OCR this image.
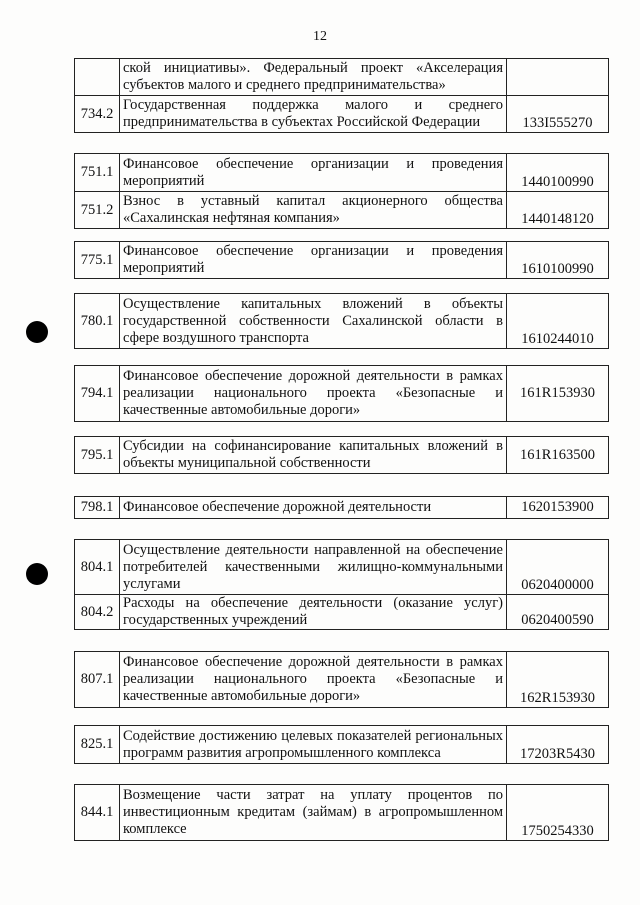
12
	ской инициативы». Федеральный проект «Акселерация субъектов малого и среднего предпринимательства»	
734.2	Государственная поддержка малого и среднего предпринимательства в субъектах Российской Федерации	133I555270
751.1	Финансовое обеспечение организации и проведения мероприятий	1440100990
751.2	Взнос в уставный капитал акционерного общества «Сахалинская нефтяная компания»	1440148120
775.1	Финансовое обеспечение организации и проведения мероприятий	1610100990
780.1	Осуществление капитальных вложений в объекты государственной собственности Сахалинской области в сфере воздушного транспорта	1610244010
794.1	Финансовое обеспечение дорожной деятельности в рамках реализации национального проекта «Безопасные и качественные автомобильные дороги»	161R153930
795.1	Субсидии на софинансирование капитальных вложений в объекты муниципальной собственности	161R163500
798.1	Финансовое обеспечение дорожной деятельности	1620153900
804.1	Осуществление деятельности направленной на обеспечение потребителей качественными жилищно-коммунальными услугами	0620400000
804.2	Расходы на обеспечение деятельности (оказание услуг) государственных учреждений	0620400590
807.1	Финансовое обеспечение дорожной деятельности в рамках реализации национального проекта «Безопасные и качественные автомобильные дороги»	162R153930
825.1	Содействие достижению целевых показателей региональных программ развития агропромышленного комплекса	17203R5430
844.1	Возмещение части затрат на уплату процентов по инвестиционным кредитам (займам) в агропромышленном комплексе	1750254330
